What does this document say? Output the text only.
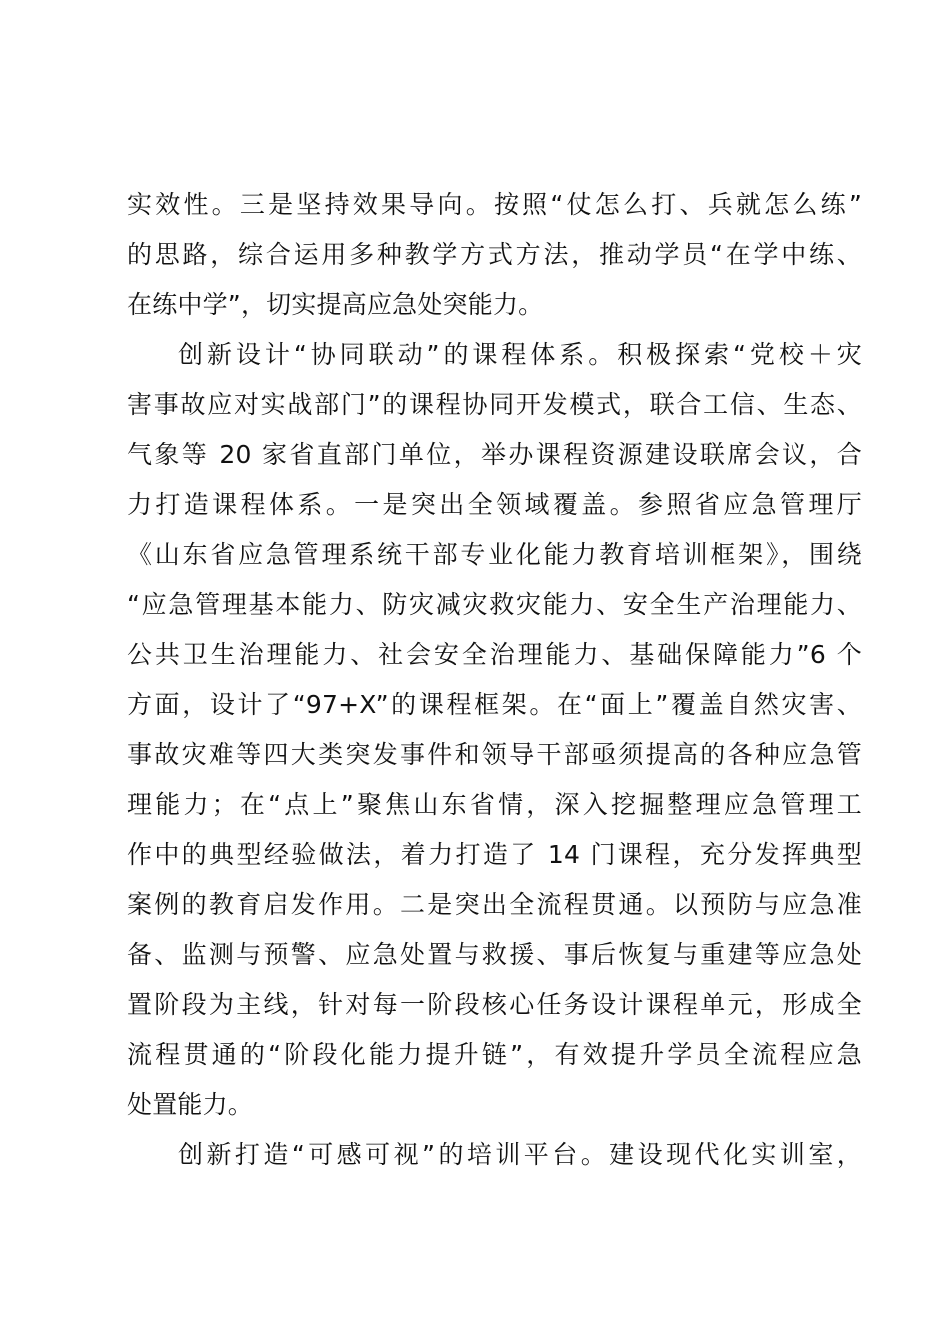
实效性。三是坚持效果导向。按照“仗怎么打、兵就怎么练”
的思路，综合运用多种教学方式方法，推动学员“在学中练、
在练中学”，切实提高应急处突能力。
创新设计“协同联动”的课程体系。积极探索“党校＋灾
害事故应对实战部门”的课程协同开发模式，联合工信、生态、
气象等 20 家省直部门单位，举办课程资源建设联席会议，合
力打造课程体系。一是突出全领域覆盖。参照省应急管理厅
《山东省应急管理系统干部专业化能力教育培训框架》，围绕
“应急管理基本能力、防灾减灾救灾能力、安全生产治理能力、
公共卫生治理能力、社会安全治理能力、基础保障能力”6 个
方面，设计了“97+X”的课程框架。在“面上”覆盖自然灾害、
事故灾难等四大类突发事件和领导干部亟须提高的各种应急管
理能力；在“点上”聚焦山东省情，深入挖掘整理应急管理工
作中的典型经验做法，着力打造了 14 门课程，充分发挥典型
案例的教育启发作用。二是突出全流程贯通。以预防与应急准
备、监测与预警、应急处置与救援、事后恢复与重建等应急处
置阶段为主线，针对每一阶段核心任务设计课程单元，形成全
流程贯通的“阶段化能力提升链”，有效提升学员全流程应急
处置能力。
创新打造“可感可视”的培训平台。建设现代化实训室，
